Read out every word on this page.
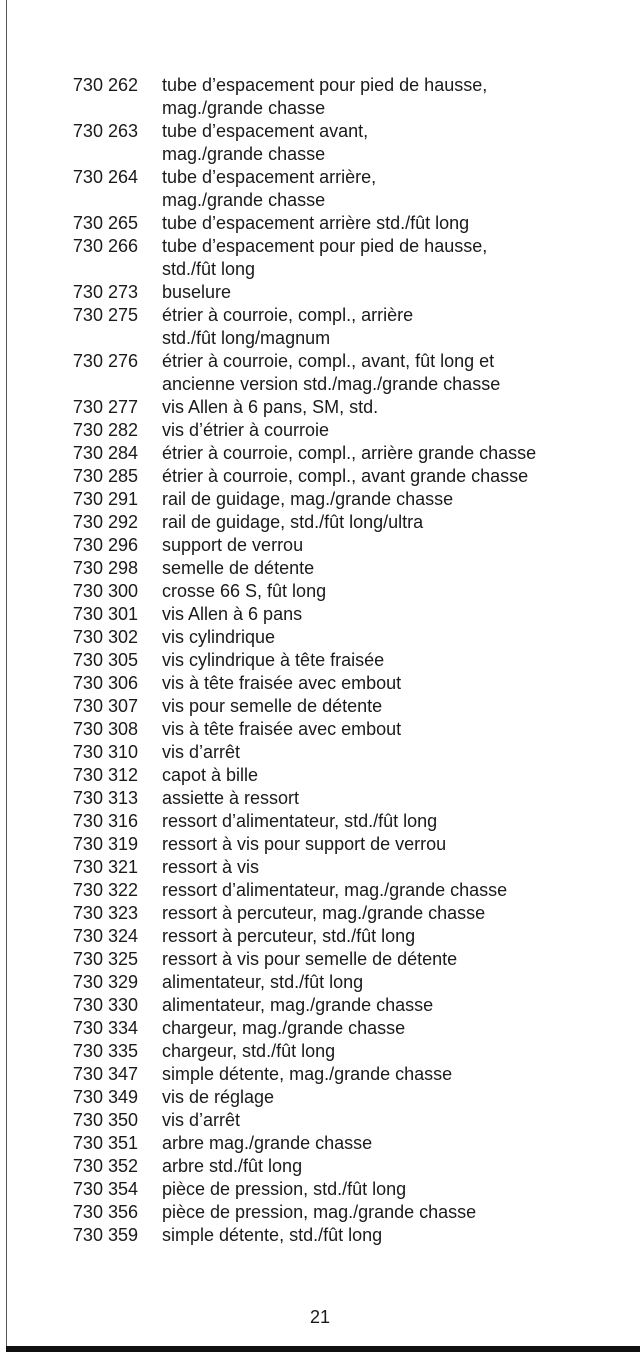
730 262 tube d’espacement pour pied de hausse,
mag./grande chasse
730 263 tube d’espacement avant,
mag./grande chasse
730 264 tube d’espacement arrière,
mag./grande chasse
730 265 tube d’espacement arrière std./fût long
730 266 tube d’espacement pour pied de hausse,
std./fût long
730 273 buselure
730 275 étrier à courroie, compl., arrière
std./fût long/magnum
730 276 étrier à courroie, compl., avant, fût long et
ancienne version std./mag./grande chasse
730 277 vis Allen à 6 pans, SM, std.
730 282 vis d’étrier à courroie
730 284 étrier à courroie, compl., arrière grande chasse
730 285 étrier à courroie, compl., avant grande chasse
730 291 rail de guidage, mag./grande chasse
730 292 rail de guidage, std./fût long/ultra
730 296 support de verrou
730 298 semelle de détente
730 300 crosse 66 S, fût long
730 301 vis Allen à 6 pans
730 302 vis cylindrique
730 305 vis cylindrique à tête fraisée
730 306 vis à tête fraisée avec embout
730 307 vis pour semelle de détente
730 308 vis à tête fraisée avec embout
730 310 vis d’arrêt
730 312 capot à bille
730 313 assiette à ressort
730 316 ressort d’alimentateur, std./fût long
730 319 ressort à vis pour support de verrou
730 321 ressort à vis
730 322 ressort d’alimentateur, mag./grande chasse
730 323 ressort à percuteur, mag./grande chasse
730 324 ressort à percuteur, std./fût long
730 325 ressort à vis pour semelle de détente
730 329 alimentateur, std./fût long
730 330 alimentateur, mag./grande chasse
730 334 chargeur, mag./grande chasse
730 335 chargeur, std./fût long
730 347 simple détente, mag./grande chasse
730 349 vis de réglage
730 350 vis d’arrêt
730 351 arbre mag./grande chasse
730 352 arbre std./fût long
730 354 pièce de pression, std./fût long
730 356 pièce de pression, mag./grande chasse
730 359 simple détente, std./fût long
21
